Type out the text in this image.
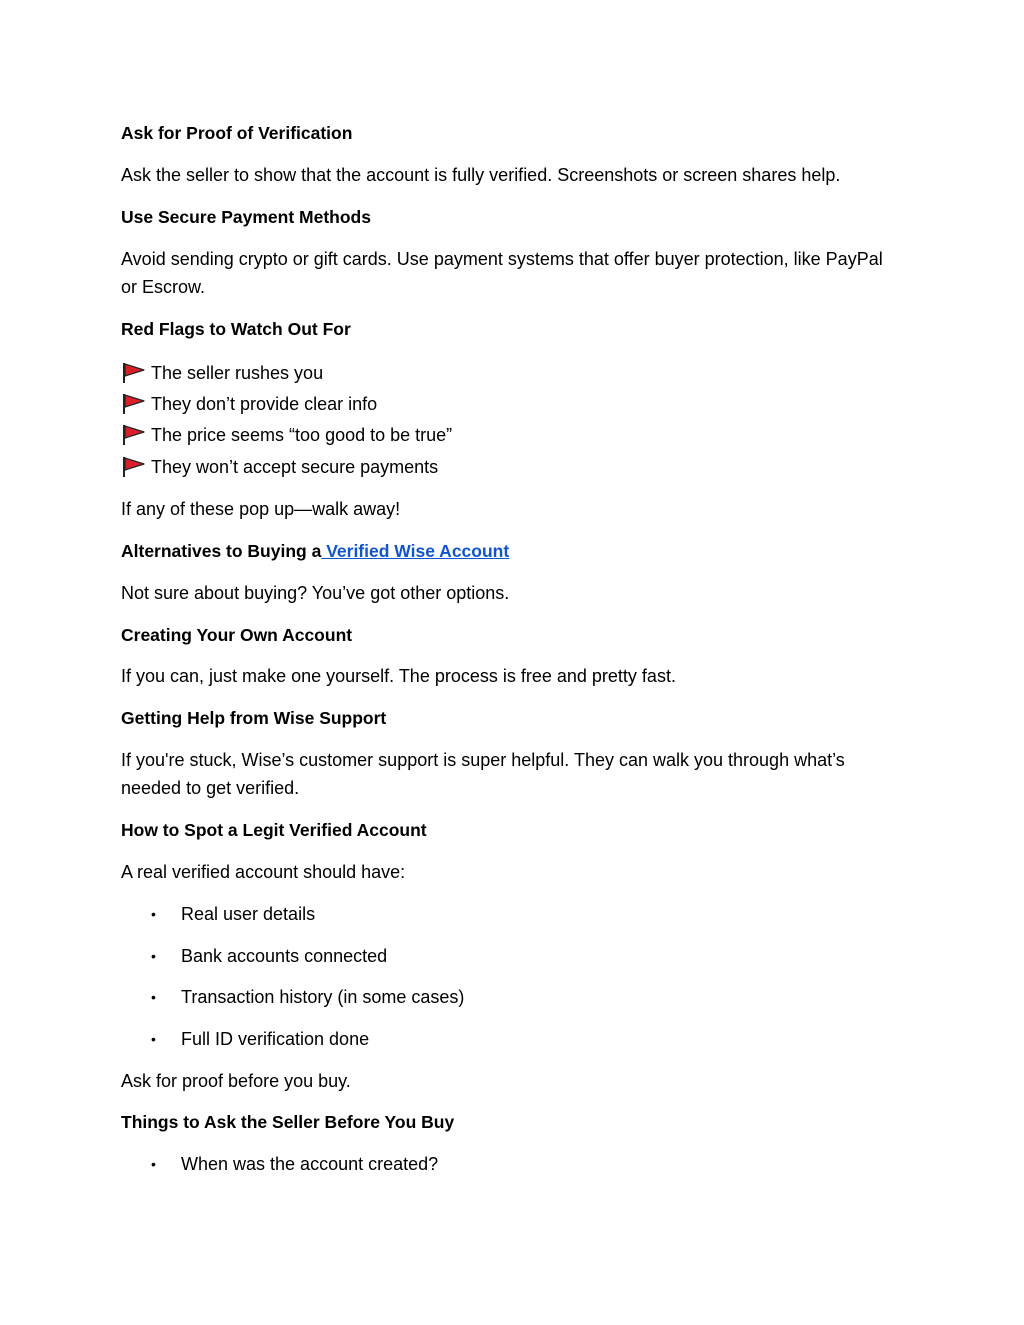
Ask for Proof of Verification
Ask the seller to show that the account is fully verified. Screenshots or screen shares help.
Use Secure Payment Methods
Avoid sending crypto or gift cards. Use payment systems that offer buyer protection, like PayPal
or Escrow.
Red Flags to Watch Out For
The seller rushes you
They don’t provide clear info
The price seems “too good to be true”
They won’t accept secure payments
If any of these pop up—walk away!
Alternatives to Buying a Verified Wise Account
Not sure about buying? You’ve got other options.
Creating Your Own Account
If you can, just make one yourself. The process is free and pretty fast.
Getting Help from Wise Support
If you're stuck, Wise’s customer support is super helpful. They can walk you through what’s
needed to get verified.
How to Spot a Legit Verified Account
A real verified account should have:
• Real user details
• Bank accounts connected
• Transaction history (in some cases)
• Full ID verification done
Ask for proof before you buy.
Things to Ask the Seller Before You Buy
• When was the account created?
